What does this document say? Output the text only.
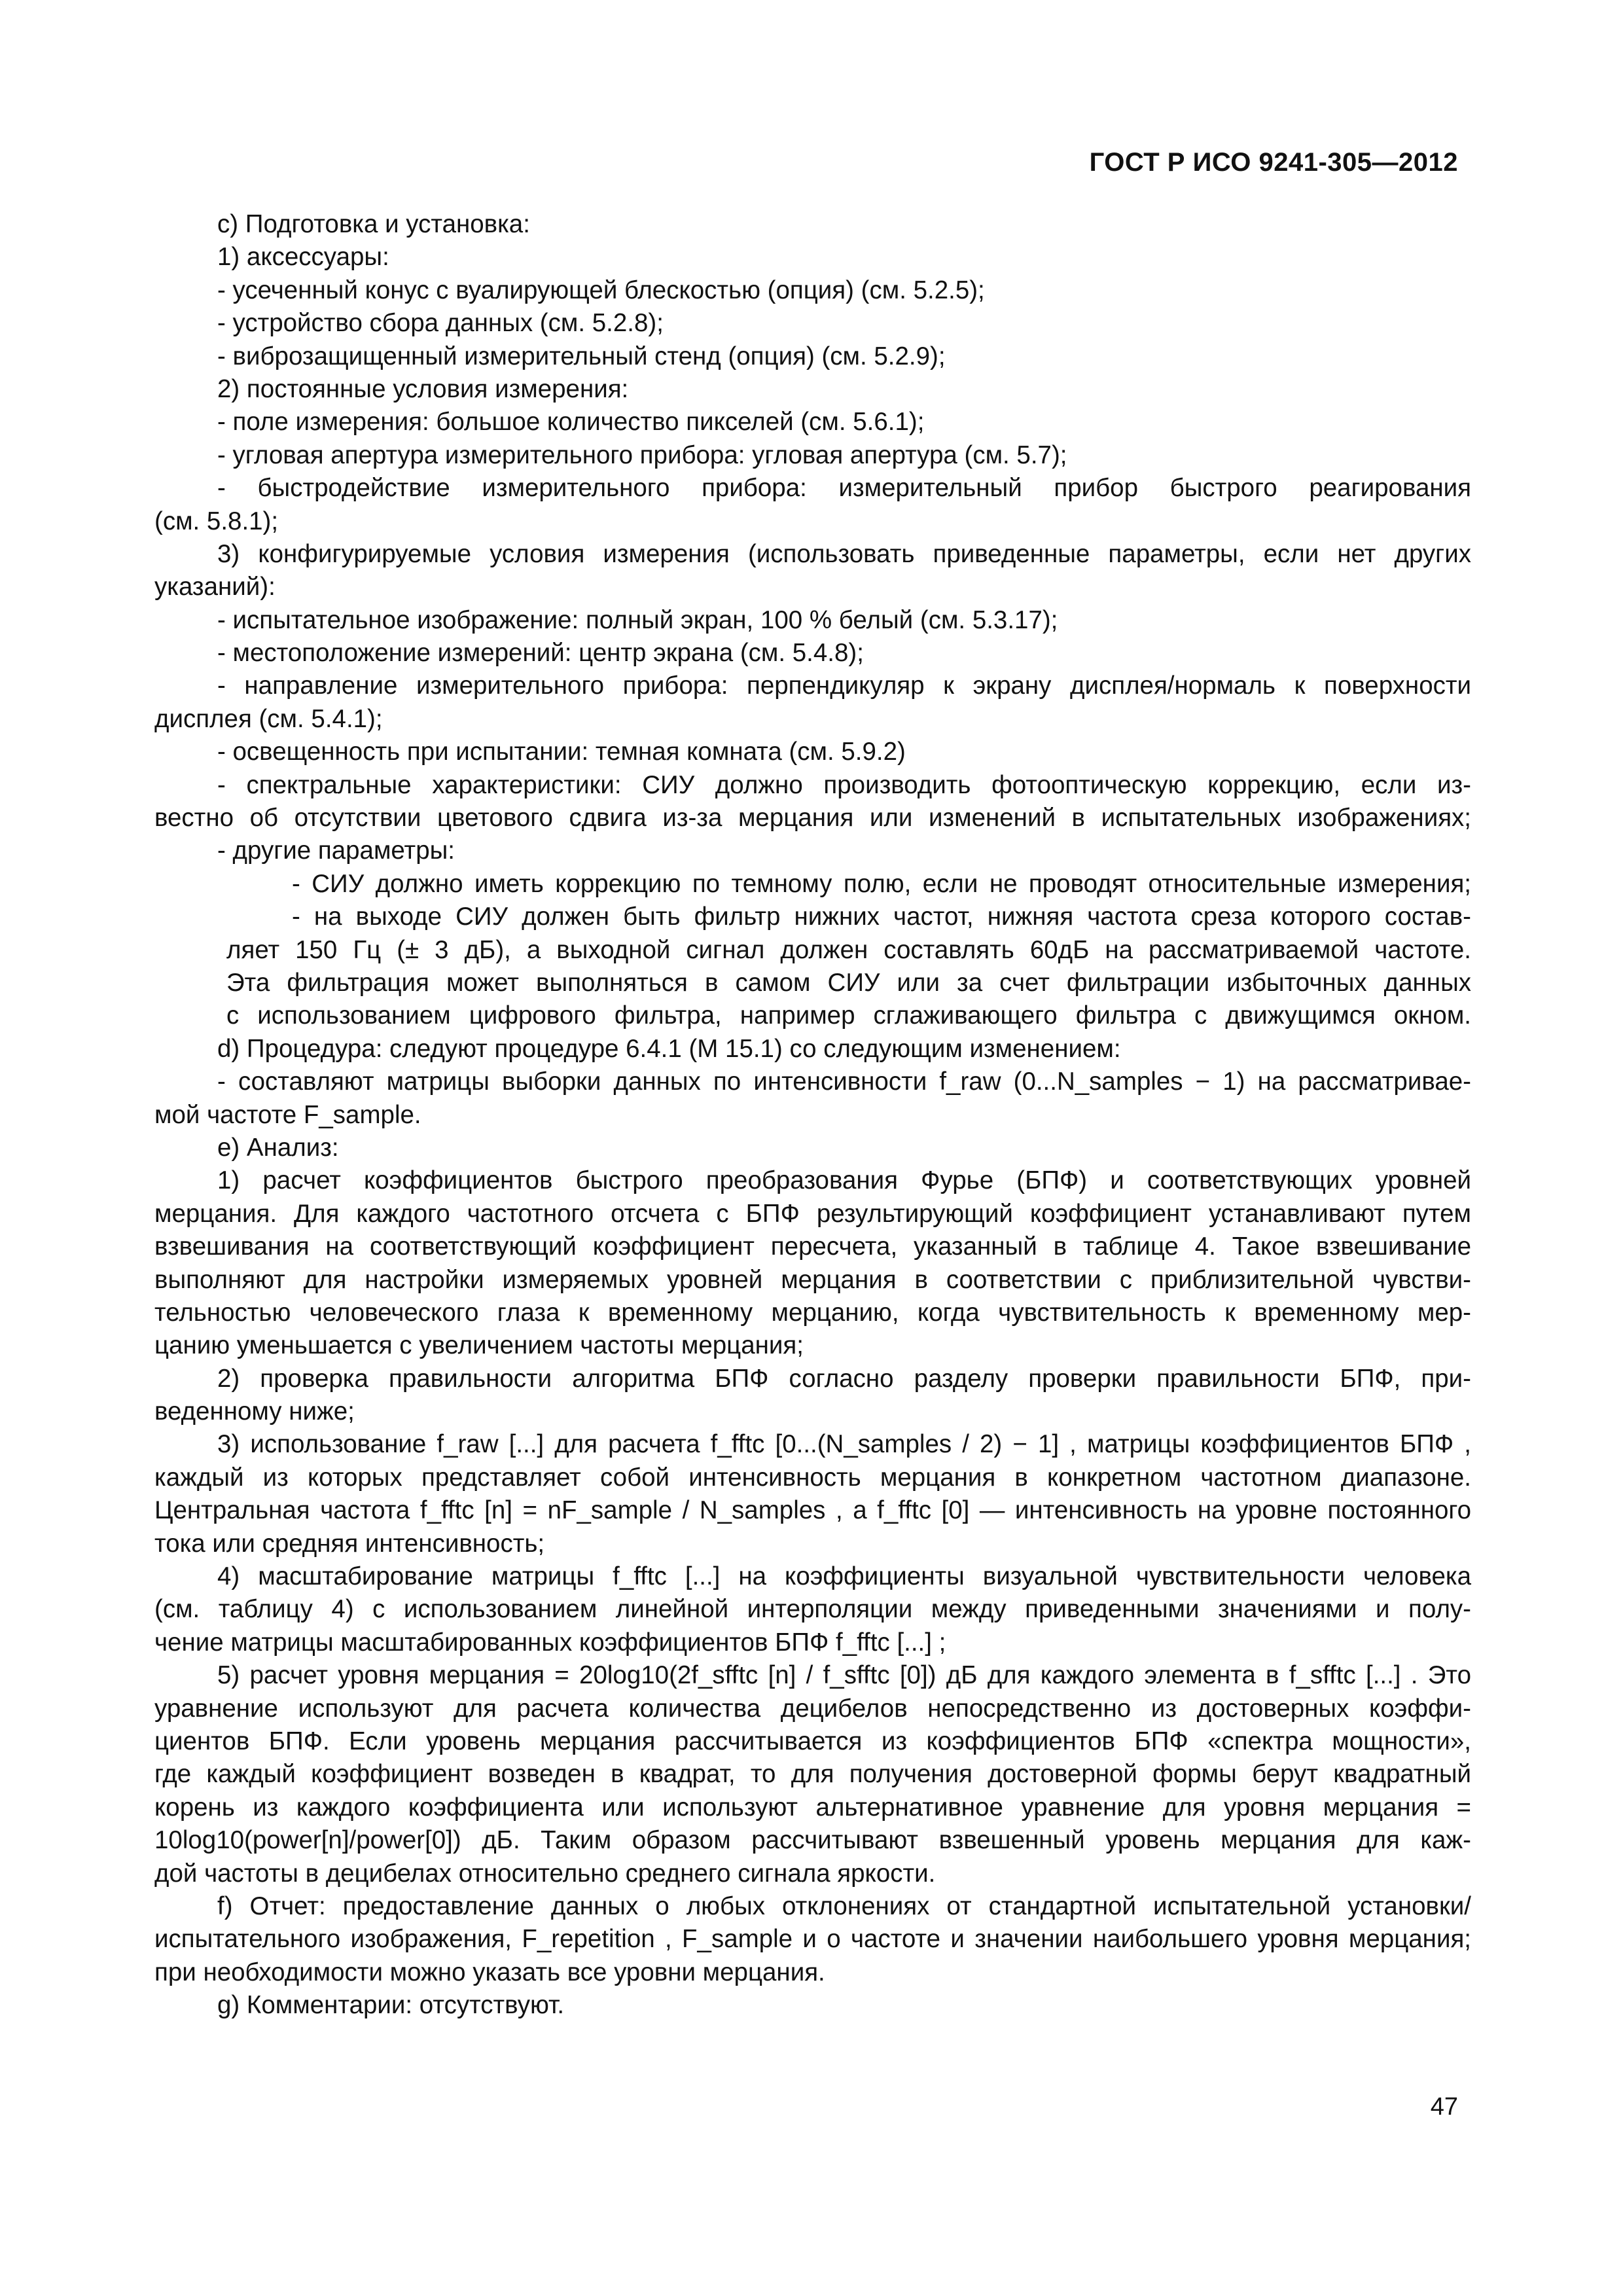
ГОСТ Р ИСО 9241-305—2012
c) Подготовка и установка:
1) аксессуары:
- усеченный конус с вуалирующей блескостью (опция) (см. 5.2.5);
- устройство сбора данных (см. 5.2.8);
- виброзащищенный измерительный стенд (опция) (см. 5.2.9);
2) постоянные условия измерения:
- поле измерения: большое количество пикселей (см. 5.6.1);
- угловая апертура измерительного прибора: угловая апертура (см. 5.7);
- быстродействие измерительного прибора: измерительный прибор быстрого реагирования
(см. 5.8.1);
3) конфигурируемые условия измерения (использовать приведенные параметры, если нет других
указаний):
- испытательное изображение: полный экран, 100 % белый (см. 5.3.17);
- местоположение измерений: центр экрана (см. 5.4.8);
- направление измерительного прибора: перпендикуляр к экрану дисплея/нормаль к поверхности
дисплея (см. 5.4.1);
- освещенность при испытании: темная комната (см. 5.9.2)
- спектральные характеристики: СИУ должно производить фотооптическую коррекцию, если из-
вестно об отсутствии цветового сдвига из-за мерцания или изменений в испытательных изображениях;
- другие параметры:
- СИУ должно иметь коррекцию по темному полю, если не проводят относительные измерения;
- на выходе СИУ должен быть фильтр нижних частот, нижняя частота среза которого состав-
ляет 150 Гц (± 3 дБ), а выходной сигнал должен составлять 60дБ на рассматриваемой частоте.
Эта фильтрация может выполняться в самом СИУ или за счет фильтрации избыточных данных
с использованием цифрового фильтра, например сглаживающего фильтра с движущимся окном.
d) Процедура: следуют процедуре 6.4.1 (М 15.1) со следующим изменением:
- составляют матрицы выборки данных по интенсивности f_raw (0...N_samples − 1) на рассматривае-
мой частоте F_sample.
e) Анализ:
1) расчет коэффициентов быстрого преобразования Фурье (БПФ) и соответствующих уровней
мерцания. Для каждого частотного отсчета с БПФ результирующий коэффициент устанавливают путем
взвешивания на соответствующий коэффициент пересчета, указанный в таблице 4. Такое взвешивание
выполняют для настройки измеряемых уровней мерцания в соответствии с приблизительной чувстви-
тельностью человеческого глаза к временному мерцанию, когда чувствительность к временному мер-
цанию уменьшается с увеличением частоты мерцания;
2) проверка правильности алгоритма БПФ согласно разделу проверки правильности БПФ, при-
веденному ниже;
3) использование f_raw [...] для расчета f_fftc [0...(N_samples / 2) − 1] , матрицы коэффициентов БПФ ,
каждый из которых представляет собой интенсивность мерцания в конкретном частотном диапазоне.
Центральная частота f_fftc [n] = nF_sample / N_samples , а f_fftc [0] — интенсивность на уровне постоянного
тока или средняя интенсивность;
4) масштабирование матрицы f_fftc [...] на коэффициенты визуальной чувствительности человека
(см. таблицу 4) с использованием линейной интерполяции между приведенными значениями и полу-
чение матрицы масштабированных коэффициентов БПФ f_fftc [...] ;
5) расчет уровня мерцания = 20log10(2f_sfftc [n] / f_sfftc [0]) дБ для каждого элемента в f_sfftc [...] . Это
уравнение используют для расчета количества децибелов непосредственно из достоверных коэффи-
циентов БПФ. Если уровень мерцания рассчитывается из коэффициентов БПФ «спектра мощности»,
где каждый коэффициент возведен в квадрат, то для получения достоверной формы берут квадратный
корень из каждого коэффициента или используют альтернативное уравнение для уровня мерцания =
10log10(power[n]/power[0]) дБ. Таким образом рассчитывают взвешенный уровень мерцания для каж-
дой частоты в децибелах относительно среднего сигнала яркости.
f) Отчет: предоставление данных о любых отклонениях от стандартной испытательной установки/
испытательного изображения, F_repetition , F_sample и о частоте и значении наибольшего уровня мерцания;
при необходимости можно указать все уровни мерцания.
g) Комментарии: отсутствуют.
47
